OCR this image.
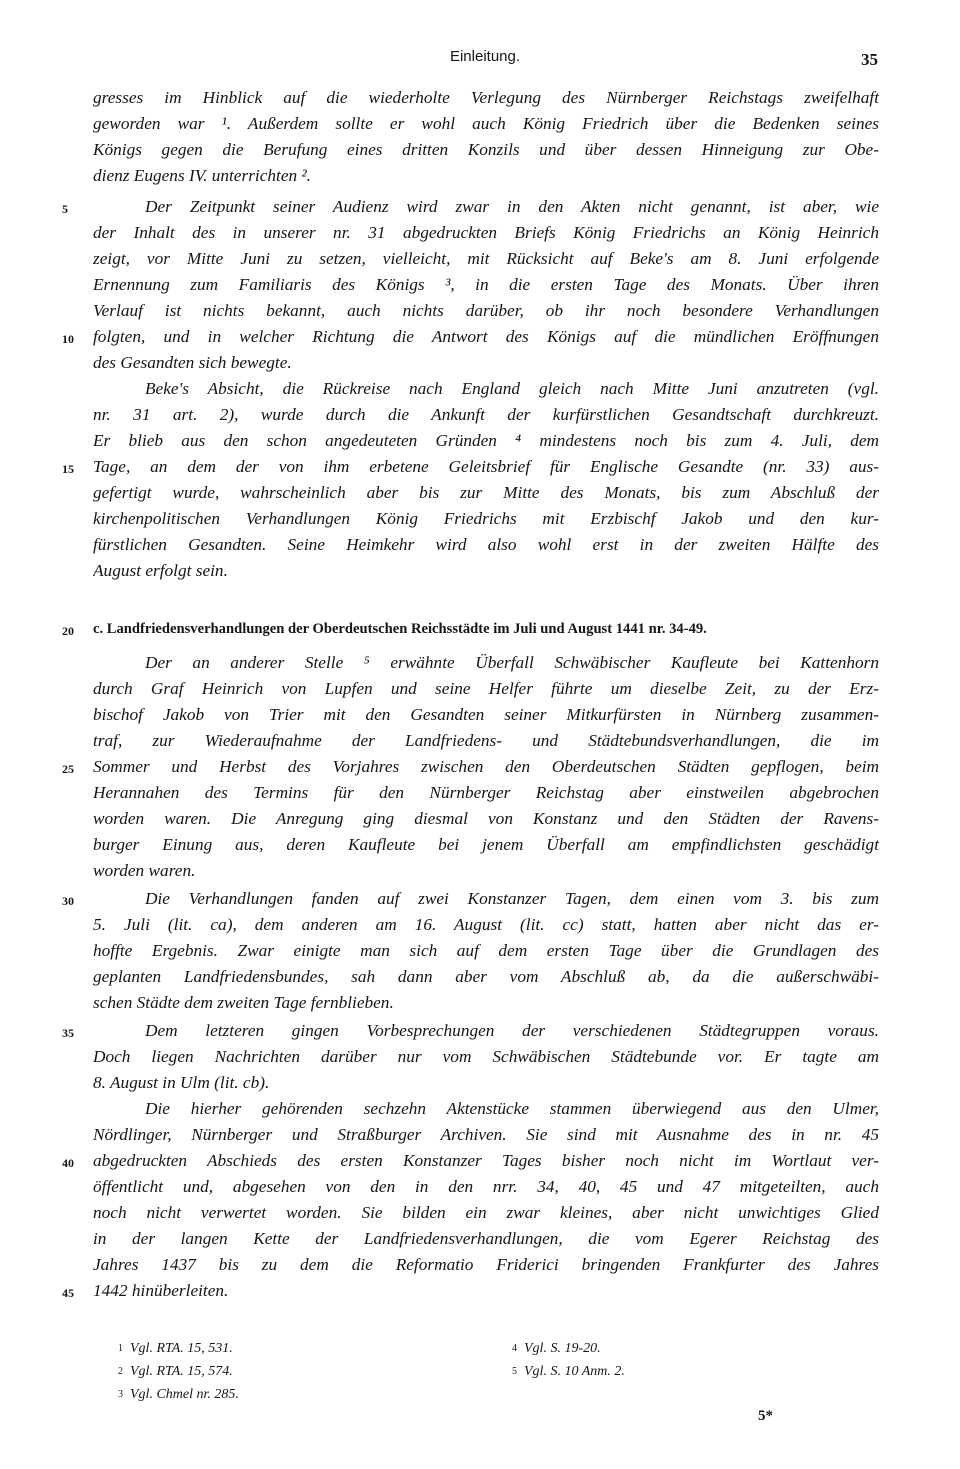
Einleitung.	35
gresses im Hinblick auf die wiederholte Verlegung des Nürnberger Reichstags zweifelhaft
geworden war ¹. Außerdem sollte er wohl auch König Friedrich über die Bedenken seines
Königs gegen die Berufung eines dritten Konzils und über dessen Hinneigung zur Obe-
dienz Eugens IV. unterrichten ².
5	Der Zeitpunkt seiner Audienz wird zwar in den Akten nicht genannt, ist aber, wie
der Inhalt des in unserer nr. 31 abgedruckten Briefs König Friedrichs an König Heinrich
zeigt, vor Mitte Juni zu setzen, vielleicht, mit Rücksicht auf Beke's am 8. Juni erfolgende
Ernennung zum Familiaris des Königs ³, in die ersten Tage des Monats. Über ihren
Verlauf ist nichts bekannt, auch nichts darüber, ob ihr noch besondere Verhandlungen
10	folgten, und in welcher Richtung die Antwort des Königs auf die mündlichen Eröffnungen
des Gesandten sich bewegte.
Beke's Absicht, die Rückreise nach England gleich nach Mitte Juni anzutreten (vgl.
nr. 31 art. 2), wurde durch die Ankunft der kurfürstlichen Gesandtschaft durchkreuzt.
Er blieb aus den schon angedeuteten Gründen ⁴ mindestens noch bis zum 4. Juli, dem
15	Tage, an dem der von ihm erbetene Geleitsbrief für Englische Gesandte (nr. 33) aus-
gefertigt wurde, wahrscheinlich aber bis zur Mitte des Monats, bis zum Abschluß der
kirchenpolitischen Verhandlungen König Friedrichs mit Erzbischf Jakob und den kur-
fürstlichen Gesandten. Seine Heimkehr wird also wohl erst in der zweiten Hälfte des
August erfolgt sein.
20	c. Landfriedensverhandlungen der Oberdeutschen Reichsstädte im Juli und August 1441 nr. 34-49.
Der an anderer Stelle ⁵ erwähnte Überfall Schwäbischer Kaufleute bei Kattenhorn
durch Graf Heinrich von Lupfen und seine Helfer führte um dieselbe Zeit, zu der Erz-
bischof Jakob von Trier mit den Gesandten seiner Mitkurfürsten in Nürnberg zusammen-
traf, zur Wiederaufnahme der Landfriedens- und Städtebundsverhandlungen, die im
25	Sommer und Herbst des Vorjahres zwischen den Oberdeutschen Städten gepflogen, beim
Herannahen des Termins für den Nürnberger Reichstag aber einstweilen abgebrochen
worden waren. Die Anregung ging diesmal von Konstanz und den Städten der Ravens-
burger Einung aus, deren Kaufleute bei jenem Überfall am empfindlichsten geschädigt
worden waren.
30	Die Verhandlungen fanden auf zwei Konstanzer Tagen, dem einen vom 3. bis zum
5. Juli (lit. ca), dem anderen am 16. August (lit. cc) statt, hatten aber nicht das er-
hoffte Ergebnis. Zwar einigte man sich auf dem ersten Tage über die Grundlagen des
geplanten Landfriedensbundes, sah dann aber vom Abschluß ab, da die außerschwäbi-
schen Städte dem zweiten Tage fernblieben.
35	Dem letzteren gingen Vorbesprechungen der verschiedenen Städtegruppen voraus.
Doch liegen Nachrichten darüber nur vom Schwäbischen Städtebunde vor. Er tagte am
8. August in Ulm (lit. cb).
Die hierher gehörenden sechzehn Aktenstücke stammen überwiegend aus den Ulmer,
Nördlinger, Nürnberger und Straßburger Archiven. Sie sind mit Ausnahme des in nr. 45
40	abgedruckten Abschieds des ersten Konstanzer Tages bisher noch nicht im Wortlaut ver-
öffentlicht und, abgesehen von den in den nrr. 34, 40, 45 und 47 mitgeteilten, auch
noch nicht verwertet worden. Sie bilden ein zwar kleines, aber nicht unwichtiges Glied
in der langen Kette der Landfriedensverhandlungen, die vom Egerer Reichstag des
Jahres 1437 bis zu dem die Reformatio Friderici bringenden Frankfurter des Jahres
45	1442 hinüberleiten.
$^1$ Vgl. RTA. 15, 531.
$^2$ Vgl. RTA. 15, 574.
$^3$ Vgl. Chmel nr. 285.
$^4$ Vgl. S. 19-20.
$^5$ Vgl. S. 10 Anm. 2.
5*
